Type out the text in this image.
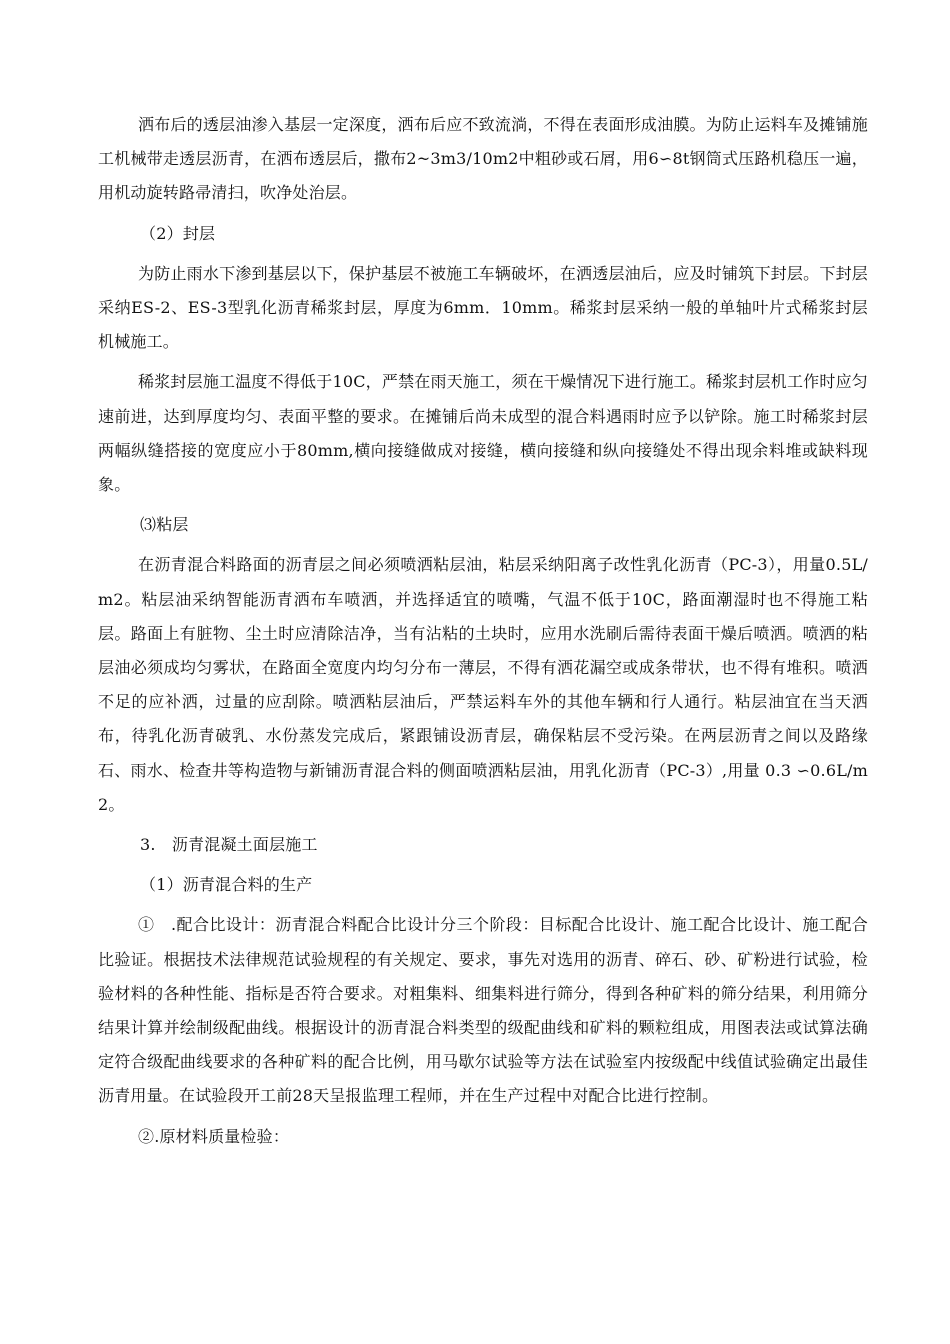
洒布后的透层油渗入基层一定深度，洒布后应不致流淌，不得在表面形成油膜。为防止运料车及摊铺施工机械带走透层沥青，在洒布透层后，撒布2~3m3/10m2中粗砂或石屑，用6∽8t钢筒式压路机稳压一遍，用机动旋转路帚清扫，吹净处治层。

（2）封层

为防止雨水下渗到基层以下，保护基层不被施工车辆破坏，在洒透层油后，应及时铺筑下封层。下封层采纳ES-2、ES-3型乳化沥青稀浆封层，厚度为6mm．10mm。稀浆封层采纳一般的单轴叶片式稀浆封层机械施工。

稀浆封层施工温度不得低于10C，严禁在雨天施工，须在干燥情况下进行施工。稀浆封层机工作时应匀速前进，达到厚度均匀、表面平整的要求。在摊铺后尚未成型的混合料遇雨时应予以铲除。施工时稀浆封层两幅纵缝搭接的宽度应小于80mm,横向接缝做成对接缝，横向接缝和纵向接缝处不得出现余料堆或缺料现象。

⑶粘层

在沥青混合料路面的沥青层之间必须喷洒粘层油，粘层采纳阳离子改性乳化沥青（PC-3），用量0.5L/m2。粘层油采纳智能沥青洒布车喷洒，并选择适宜的喷嘴，气温不低于10C，路面潮湿时也不得施工粘层。路面上有脏物、尘土时应清除洁净，当有沾粘的土块时，应用水洗刷后需待表面干燥后喷洒。喷洒的粘层油必须成均匀雾状，在路面全宽度内均匀分布一薄层，不得有洒花漏空或成条带状，也不得有堆积。喷洒不足的应补洒，过量的应刮除。喷洒粘层油后，严禁运料车外的其他车辆和行人通行。粘层油宜在当天洒布，待乳化沥青破乳、水份蒸发完成后，紧跟铺设沥青层，确保粘层不受污染。在两层沥青之间以及路缘石、雨水、检查井等构造物与新铺沥青混合料的侧面喷洒粘层油，用乳化沥青（PC-3）,用量 0.3 ∽0.6L/m2。

3.　沥青混凝土面层施工

（1）沥青混合料的生产

①　.配合比设计：沥青混合料配合比设计分三个阶段：目标配合比设计、施工配合比设计、施工配合比验证。根据技术法律规范试验规程的有关规定、要求，事先对选用的沥青、碎石、砂、矿粉进行试验，检验材料的各种性能、指标是否符合要求。对粗集料、细集料进行筛分，得到各种矿料的筛分结果，利用筛分结果计算并绘制级配曲线。根据设计的沥青混合料类型的级配曲线和矿料的颗粒组成，用图表法或试算法确定符合级配曲线要求的各种矿料的配合比例，用马歇尔试验等方法在试验室内按级配中线值试验确定出最佳沥青用量。在试验段开工前28天呈报监理工程师，并在生产过程中对配合比进行控制。

②.原材料质量检验：
